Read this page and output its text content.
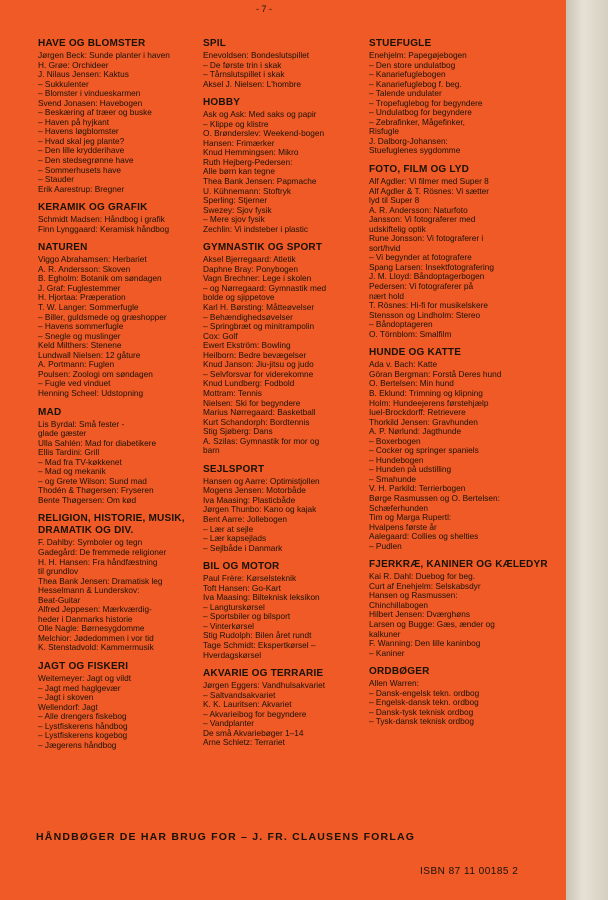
- 7 -
HAVE OG BLOMSTER
Jørgen Beck: Sunde planter i haven
H. Grøe: Orchideer
J. Nilaus Jensen: Kaktus
– Sukkulenter
– Blomster i vindueskarmen
Svend Jonasen: Havebogen
– Beskæring af træer og buske
– Haven på hyjkant
– Havens løgblomster
– Hvad skal jeg plante?
– Den lille krydderihave
– Den stedsegrønne have
– Sommerhusets have
– Stauder
Erik Aarestrup: Bregner
KERAMIK OG GRAFIK
Schmidt Madsen: Håndbog i grafik
Finn Lynggaard: Keramisk håndbog
NATUREN
Viggo Abrahamsen: Herbariet
A. R. Andersson: Skoven
B. Egholm: Botanik om søndagen
J. Graf: Fuglestemmer
H. Hjortaa: Præperation
T. W. Langer: Sommerfugle
– Biller, guldsmede og græshopper
– Havens sommerfugle
– Snegle og muslinger
Keld Milthers: Stenene
Lundwall Nielsen: 12 gåture
A. Portmann: Fuglen
Poulsen: Zoologi om søndagen
– Fugle ved vinduet
Henning Scheel: Udstopning
MAD
Lis Byrdal: Små fester -
glade gæster
Ulla Sahlén: Mad for diabetikere
Ellis Tardini: Grill
– Mad fra TV-køkkenet
– Mad og mekanik
– og Grete Wilson: Sund mad
Thodén & Thøgersen: Fryseren
Bente Thøgersen: Om kød
RELIGION, HISTORIE, MUSIK, DRAMATIK OG DIV.
F. Dahlby: Symboler og tegn
Gadegård: De fremmede religioner
H. H. Hansen: Fra håndfæstning
til grundlov
Thea Bank Jensen: Dramatisk leg
Hesselmann & Lunderskov:
Beat-Guitar
Alfred Jeppesen: Mærkværdig-
heder i Danmarks historie
Olle Nagle: Børnesygdomme
Melchior: Jødedommen i vor tid
K. Stenstadvold: Kammermusik
JAGT OG FISKERI
Weitemeyer: Jagt og vildt
– Jagt med haglgevær
– Jagt i skoven
Wellendorf: Jagt
– Alle drengers fiskebog
– Lystfiskerens håndbog
– Lystfiskerens kogebog
– Jægerens håndbog
SPIL
Enevoldsen: Bondeslutspillet
– De første trin i skak
– Tårnslutspillet i skak
Aksel J. Nielsen: L'hombre
HOBBY
Ask og Ask: Med saks og papir
– Klippe og klistre
O. Brønderslev: Weekend-bogen
Hansen: Frimærker
Knud Hemmingsen: Mikro
Ruth Hejberg-Pedersen:
Alle børn kan tegne
Thea Bank Jensen: Papmache
U. Kühnemann: Stoftryk
Sperling: Stjerner
Swezey: Sjov fysik
– Mere sjov fysik
Zechlin: Vi indsteber i plastic
GYMNASTIK OG SPORT
Aksel Bjerregaard: Atletik
Daphne Bray: Ponybogen
Vagn Brechner: Lege i skolen
– og Nørregaard: Gymnastik med
bolde og sjippetove
Karl H. Børsting: Måtteøvelser
– Behændighedsøvelser
– Springbræt og minitrampolin
Cox: Golf
Ewert Ekström: Bowling
Heilborn: Bedre bevægelser
Knud Janson: Jiu-jitsu og judo
– Selvforsvar for viderekomne
Knud Lundberg: Fodbold
Mottram: Tennis
Nielsen: Ski for begyndere
Marius Nørregaard: Basketball
Kurt Schandorph: Bordtennis
Stig Sjøberg: Dans
A. Szilas: Gymnastik for mor og
barn
SEJLSPORT
Hansen og Aarre: Optimistjollen
Mogens Jensen: Motorbåde
Iva Maasing: Plasticbåde
Jørgen Thunbo: Kano og kajak
Bent Aarre: Jollebogen
– Lær at sejle
– Lær kapsejlads
– Sejlbåde i Danmark
BIL OG MOTOR
Paul Frère: Kørselsteknik
Toft Hansen: Go-Kart
Iva Maasing: Bilteknisk leksikon
– Langturskørsel
– Sportsbiler og bilsport
– Vinterkørsel
Stig Rudolph: Bilen året rundt
Tage Schmidt: Ekspertkørsel –
Hverdagskørsel
AKVARIE OG TERRARIE
Jørgen Eggers: Vandhulsakvariet
– Saltvandsakvariet
K. K. Lauritsen: Akvariet
– Akvarieibog for begyndere
– Vandplanter
De små Akvariebøger 1–14
Arne Schletz: Terrariet
STUEFUGLE
Enehjelm: Papegøjebogen
– Den store undulatbog
– Kanariefuglebogen
– Kanariefuglebog f. beg.
– Talende undulater
– Tropefuglebog for begyndere
– Undulatbog for begyndere
– Zebrafinker, Mågefinker,
Risfugle
J. Dalborg-Johansen:
Stuefuglenes sygdomme
FOTO, FILM OG LYD
Alf Agdler: Vi filmer med Super 8
Alf Agdler & T. Rösnes: Vi sætter
lyd til Super 8
A. R. Andersson: Naturfoto
Jansson: Vi fotograferer med
udskiftelig optik
Rune Jonsson: Vi fotograferer i
sort/hvid
– Vi begynder at fotografere
Spang Larsen: Insektfotografering
J. M. Lloyd: Båndoptagerbogen
Pedersen: Vi fotograferer på
nært hold
T. Rösnes: Hi-fi for musikelskere
Stensson og Lindholm: Stereo
– Båndoptageren
O. Törnblom: Smalfilm
HUNDE OG KATTE
Ada v. Bach: Katte
Göran Bergman: Forstå Deres hund
O. Bertelsen: Min hund
B. Eklund: Trimning og klipning
Holm: Hundeejerens førstehjælp
Iuel-Brockdorff: Retrievere
Thorkild Jensen: Gravhunden
A. P. Nørlund: Jagthunde
– Boxerbogen
– Cocker og springer spaniels
– Hundebogen
– Hunden på udstilling
– Smahunde
V. H. Parkild: Terrierbogen
Børge Rasmussen og O. Bertelsen:
Schæferhunden
Tim og Marga Rupertl:
Hvalpens første år
Aalegaard: Collies og shelties
– Pudlen
FJERKRÆ, KANINER OG KÆLEDYR
Kai R. Dahl: Duebog for beg.
Curt af Enehjelm: Selskabsdyr
Hansen og Rasmussen:
Chinchillabogen
Hilbert Jensen: Dværghøns
Larsen og Bugge: Gæs, ænder og
kalkuner
F. Wanning: Den lille kaninbog
– Kaniner
ORDBØGER
Allen Warren:
– Dansk-engelsk tekn. ordbog
– Engelsk-dansk tekn. ordbog
– Dansk-tysk teknisk ordbog
– Tysk-dansk teknisk ordbog
HÅNDBØGER DE HAR BRUG FOR – J. FR. CLAUSENS FORLAG
ISBN 87 11 00185 2
